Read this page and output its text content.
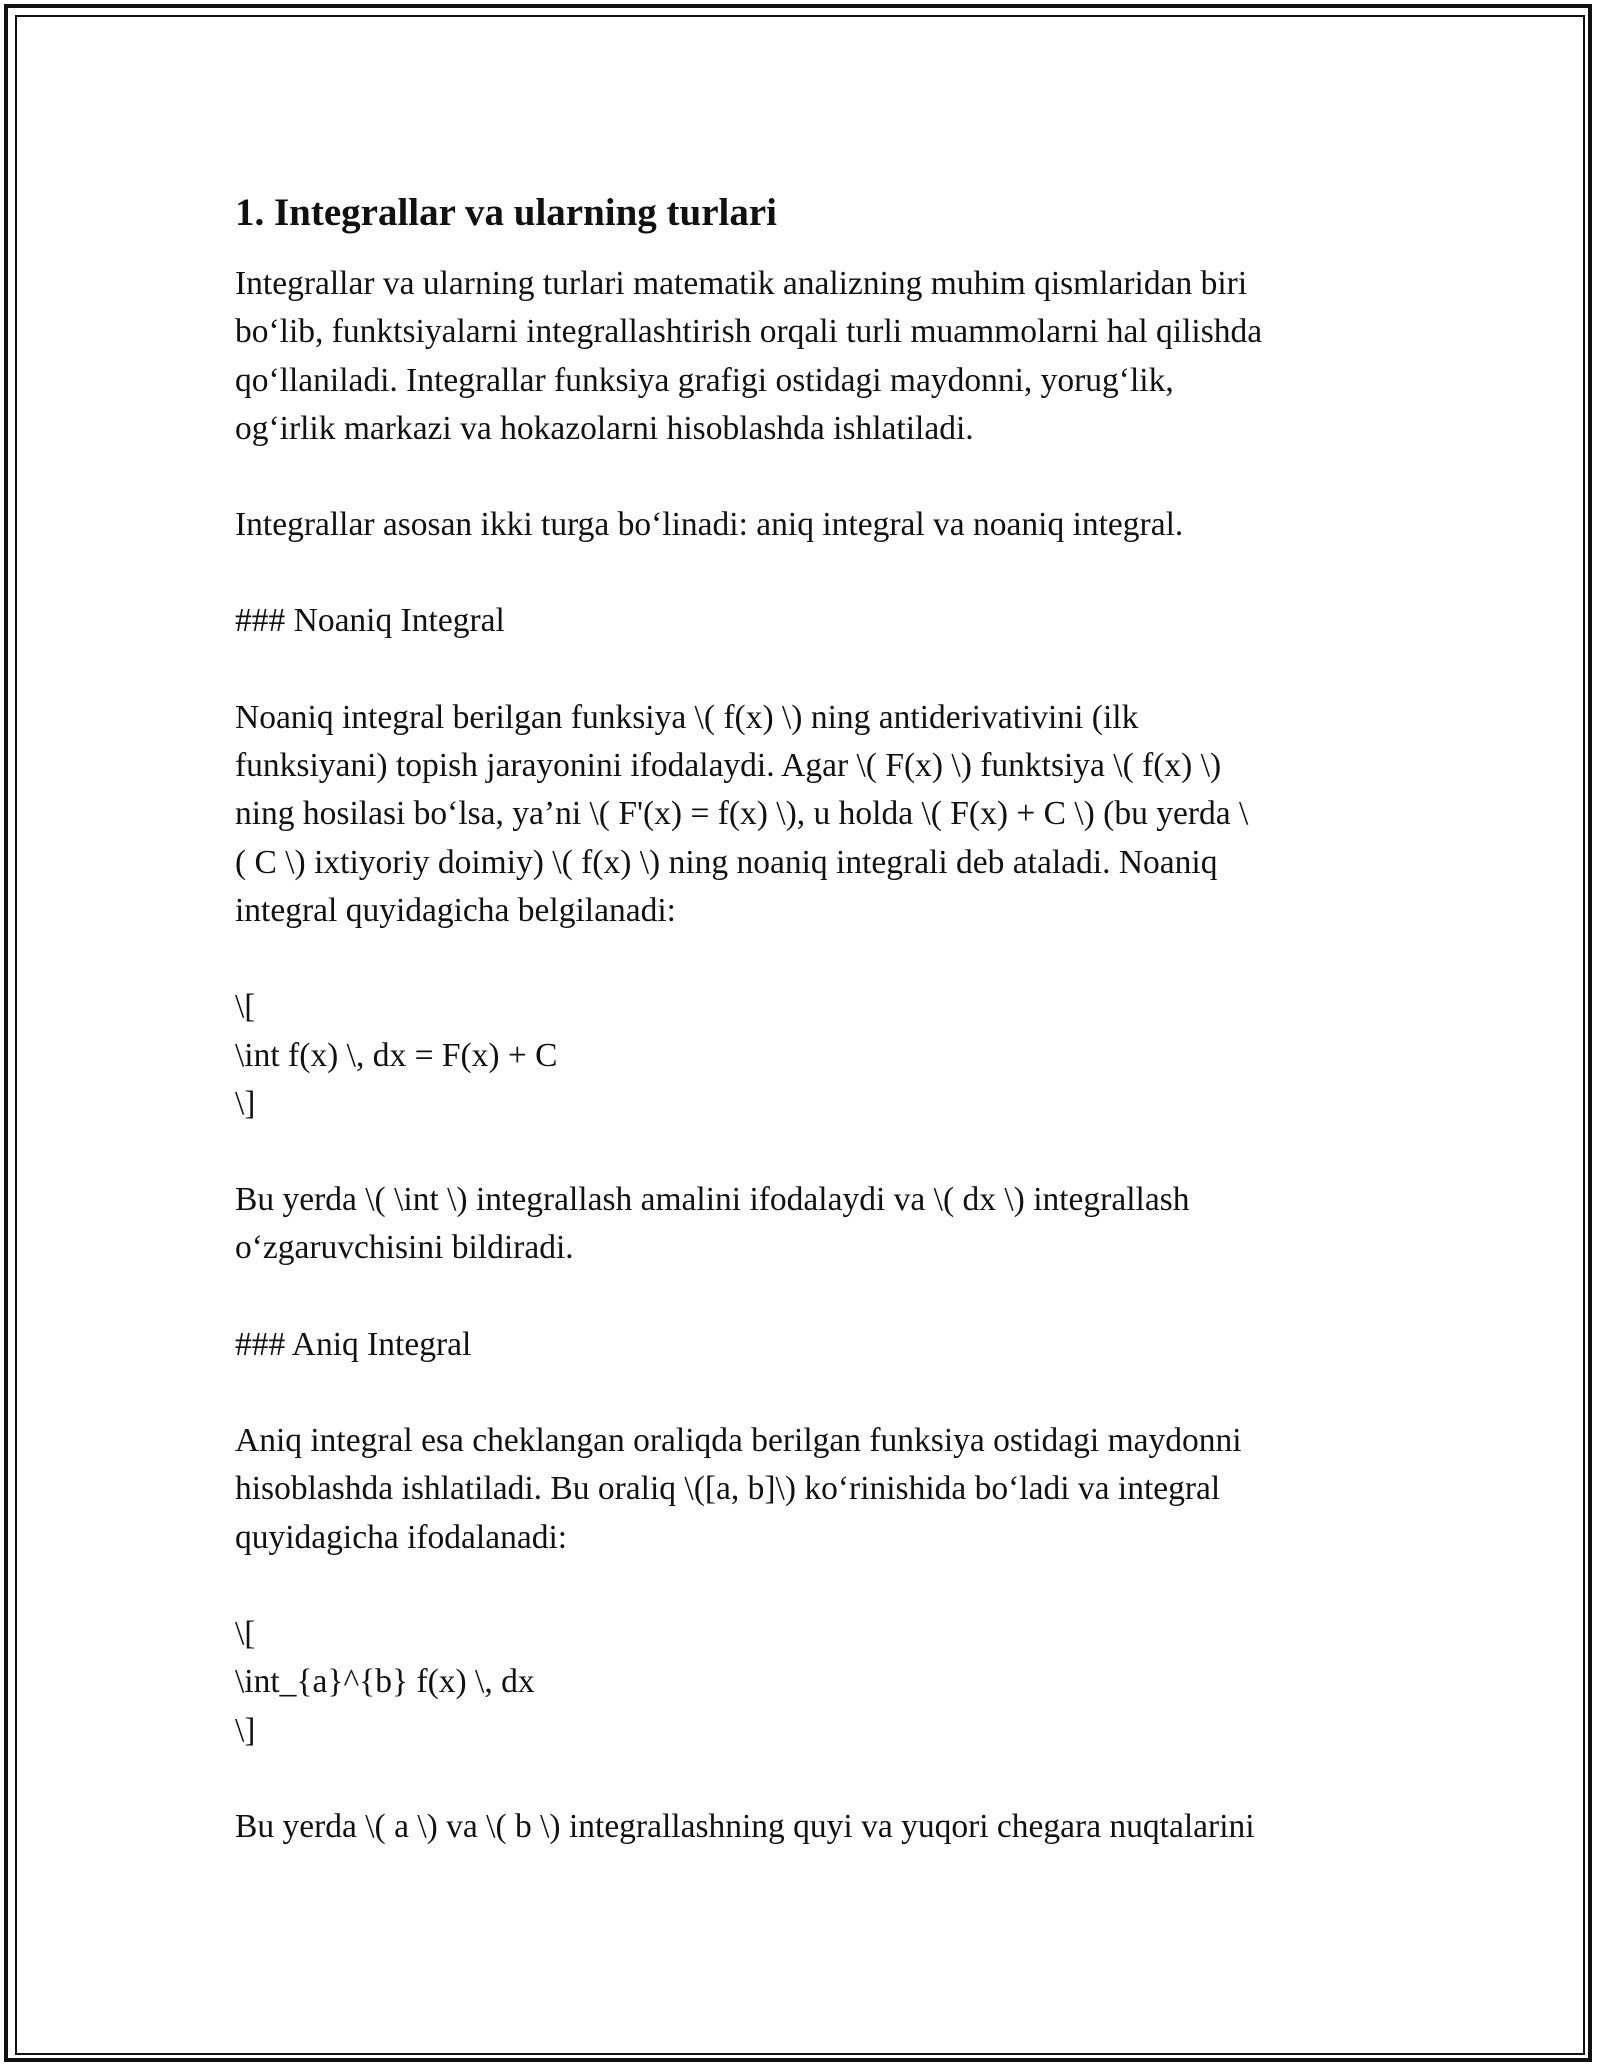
1. Integrallar va ularning turlari
Integrallar va ularning turlari matematik analizning muhim qismlaridan biri
bo‘lib, funktsiyalarni integrallashtirish orqali turli muammolarni hal qilishda
qo‘llaniladi. Integrallar funksiya grafigi ostidagi maydonni, yorug‘lik,
og‘irlik markazi va hokazolarni hisoblashda ishlatiladi.
Integrallar asosan ikki turga bo‘linadi: aniq integral va noaniq integral.
### Noaniq Integral
Noaniq integral berilgan funksiya \( f(x) \) ning antiderivativini (ilk
funksiyani) topish jarayonini ifodalaydi. Agar \( F(x) \) funktsiya \( f(x) \)
ning hosilasi bo‘lsa, ya’ni \( F'(x) = f(x) \), u holda \( F(x) + C \) (bu yerda \
( C \) ixtiyoriy doimiy) \( f(x) \) ning noaniq integrali deb ataladi. Noaniq
integral quyidagicha belgilanadi:
\[
\int f(x) \, dx = F(x) + C
\]
Bu yerda \( \int \) integrallash amalini ifodalaydi va \( dx \) integrallash
o‘zgaruvchisini bildiradi.
### Aniq Integral
Aniq integral esa cheklangan oraliqda berilgan funksiya ostidagi maydonni
hisoblashda ishlatiladi. Bu oraliq \([a, b]\) ko‘rinishida bo‘ladi va integral
quyidagicha ifodalanadi:
\[
\int_{a}^{b} f(x) \, dx
\]
Bu yerda \( a \) va \( b \) integrallashning quyi va yuqori chegara nuqtalarini
